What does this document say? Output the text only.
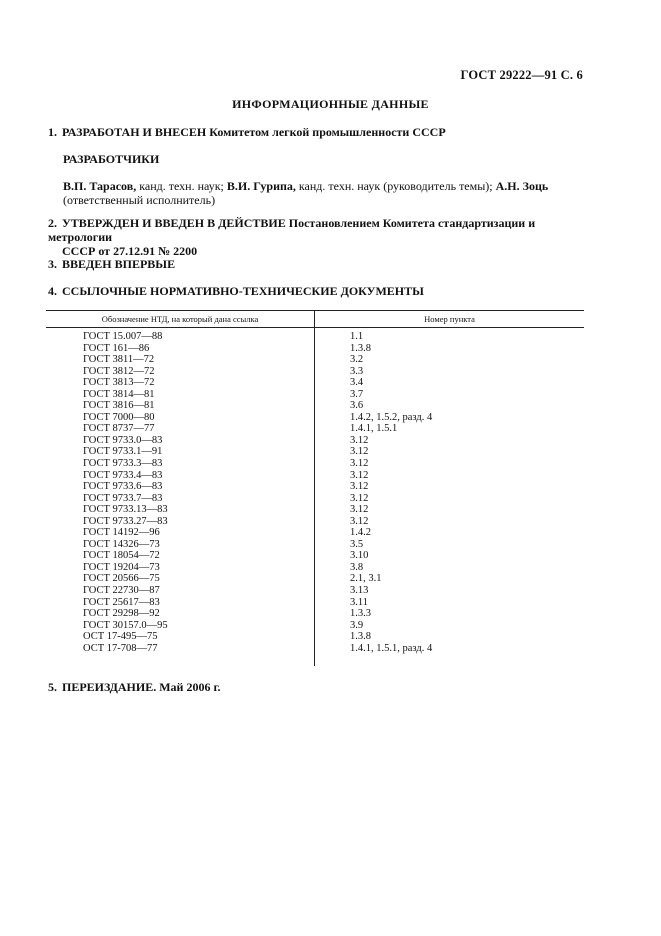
ГОСТ 29222—91 С. 6
ИНФОРМАЦИОННЫЕ ДАННЫЕ
1. РАЗРАБОТАН И ВНЕСЕН Комитетом легкой промышленности СССР
РАЗРАБОТЧИКИ
В.П. Тарасов, канд. техн. наук; В.И. Гурипа, канд. техн. наук (руководитель темы); А.Н. Зоць
(ответственный исполнитель)
2. УТВЕРЖДЕН И ВВЕДЕН В ДЕЙСТВИЕ Постановлением Комитета стандартизации и метрологии
СССР от 27.12.91 № 2200
3. ВВЕДЕН ВПЕРВЫЕ
4. ССЫЛОЧНЫЕ НОРМАТИВНО-ТЕХНИЧЕСКИЕ ДОКУМЕНТЫ
Обозначение НТД, на который дана ссылка	Номер пункта
ГОСТ 15.007—88	1.1
ГОСТ 161—86	1.3.8
ГОСТ 3811—72	3.2
ГОСТ 3812—72	3.3
ГОСТ 3813—72	3.4
ГОСТ 3814—81	3.7
ГОСТ 3816—81	3.6
ГОСТ 7000—80	1.4.2, 1.5.2, разд. 4
ГОСТ 8737—77	1.4.1, 1.5.1
ГОСТ 9733.0—83	3.12
ГОСТ 9733.1—91	3.12
ГОСТ 9733.3—83	3.12
ГОСТ 9733.4—83	3.12
ГОСТ 9733.6—83	3.12
ГОСТ 9733.7—83	3.12
ГОСТ 9733.13—83	3.12
ГОСТ 9733.27—83	3.12
ГОСТ 14192—96	1.4.2
ГОСТ 14326—73	3.5
ГОСТ 18054—72	3.10
ГОСТ 19204—73	3.8
ГОСТ 20566—75	2.1, 3.1
ГОСТ 22730—87	3.13
ГОСТ 25617—83	3.11
ГОСТ 29298—92	1.3.3
ГОСТ 30157.0—95	3.9
ОСТ 17-495—75	1.3.8
ОСТ 17-708—77	1.4.1, 1.5.1, разд. 4
5. ПЕРЕИЗДАНИЕ. Май 2006 г.
